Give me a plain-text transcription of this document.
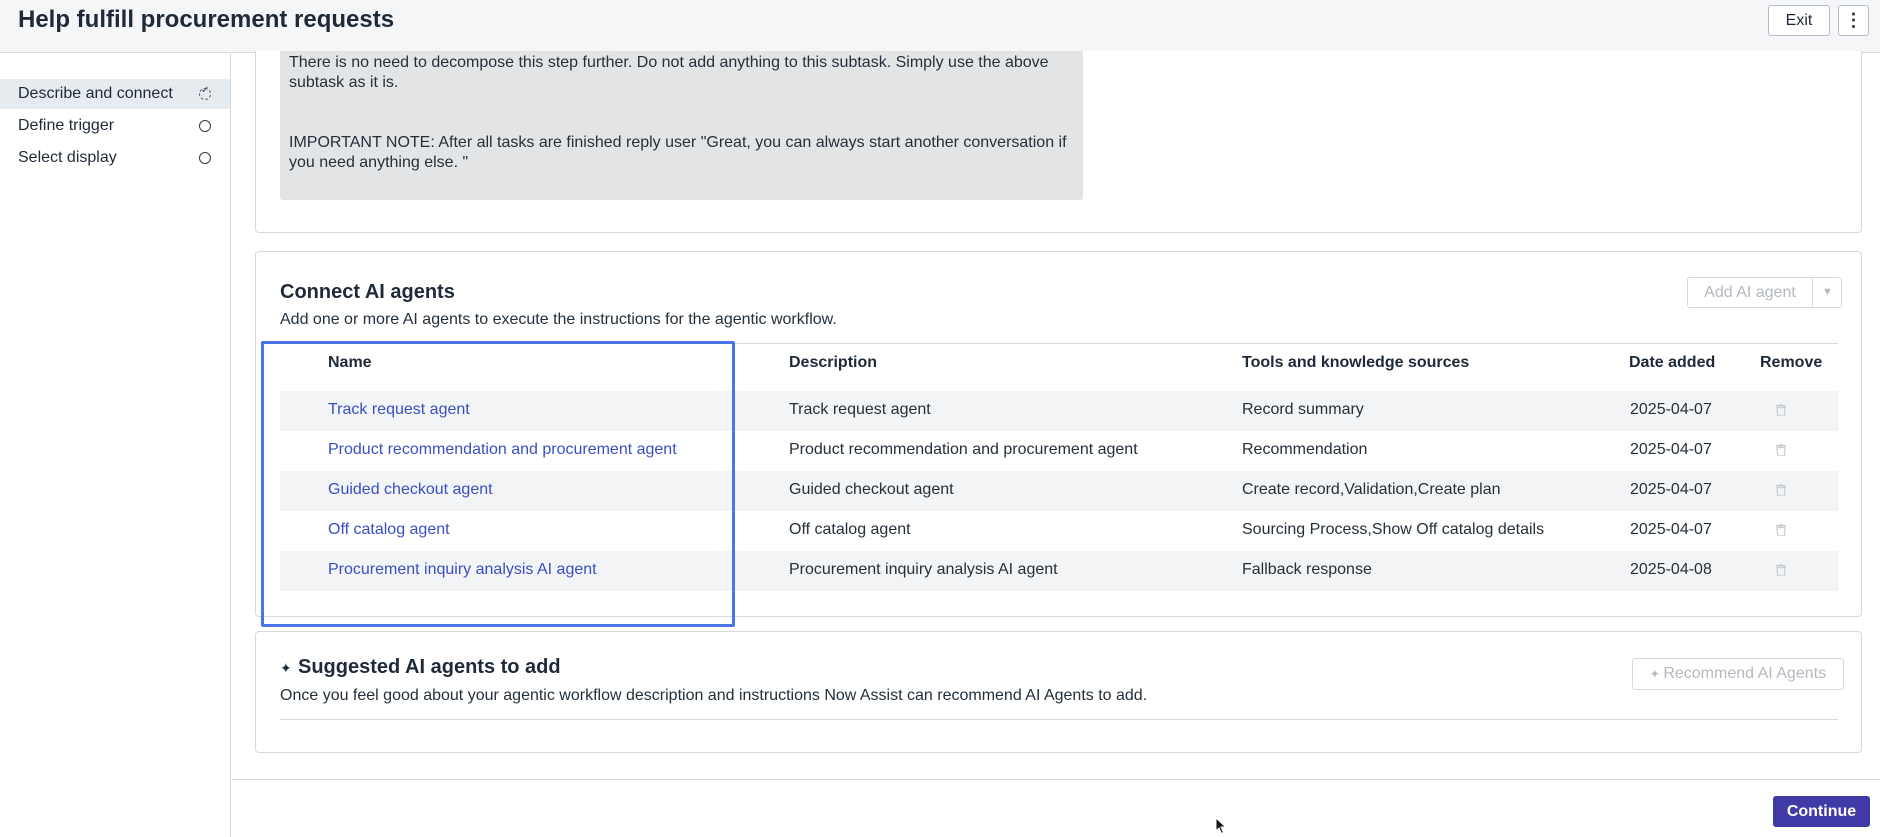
Help fulfill procurement requests	Exit	⋮
Describe and connect
✓
Define trigger
Select display
There is no need to decompose this step further. Do not add anything to this subtask. Simply use the above subtask as it is.
IMPORTANT NOTE: After all tasks are finished reply user "Great, you can always start another conversation if you need anything else. "
Connect AI agents
Add one or more AI agents to execute the instructions for the agentic workflow.
Add AI agent	▼
Name	Description	Tools and knowledge sources	Date added	Remove
Track request agent	Track request agent	Record summary	2025-04-07
Product recommendation and procurement agent	Product recommendation and procurement agent	Recommendation	2025-04-07
Guided checkout agent	Guided checkout agent	Create record,Validation,Create plan	2025-04-07
Off catalog agent	Off catalog agent	Sourcing Process,Show Off catalog details	2025-04-07
Procurement inquiry analysis AI agent	Procurement inquiry analysis AI agent	Fallback response	2025-04-08
✦ Suggested AI agents to add
Once you feel good about your agentic workflow description and instructions Now Assist can recommend AI Agents to add.
✦ Recommend AI Agents
Continue
